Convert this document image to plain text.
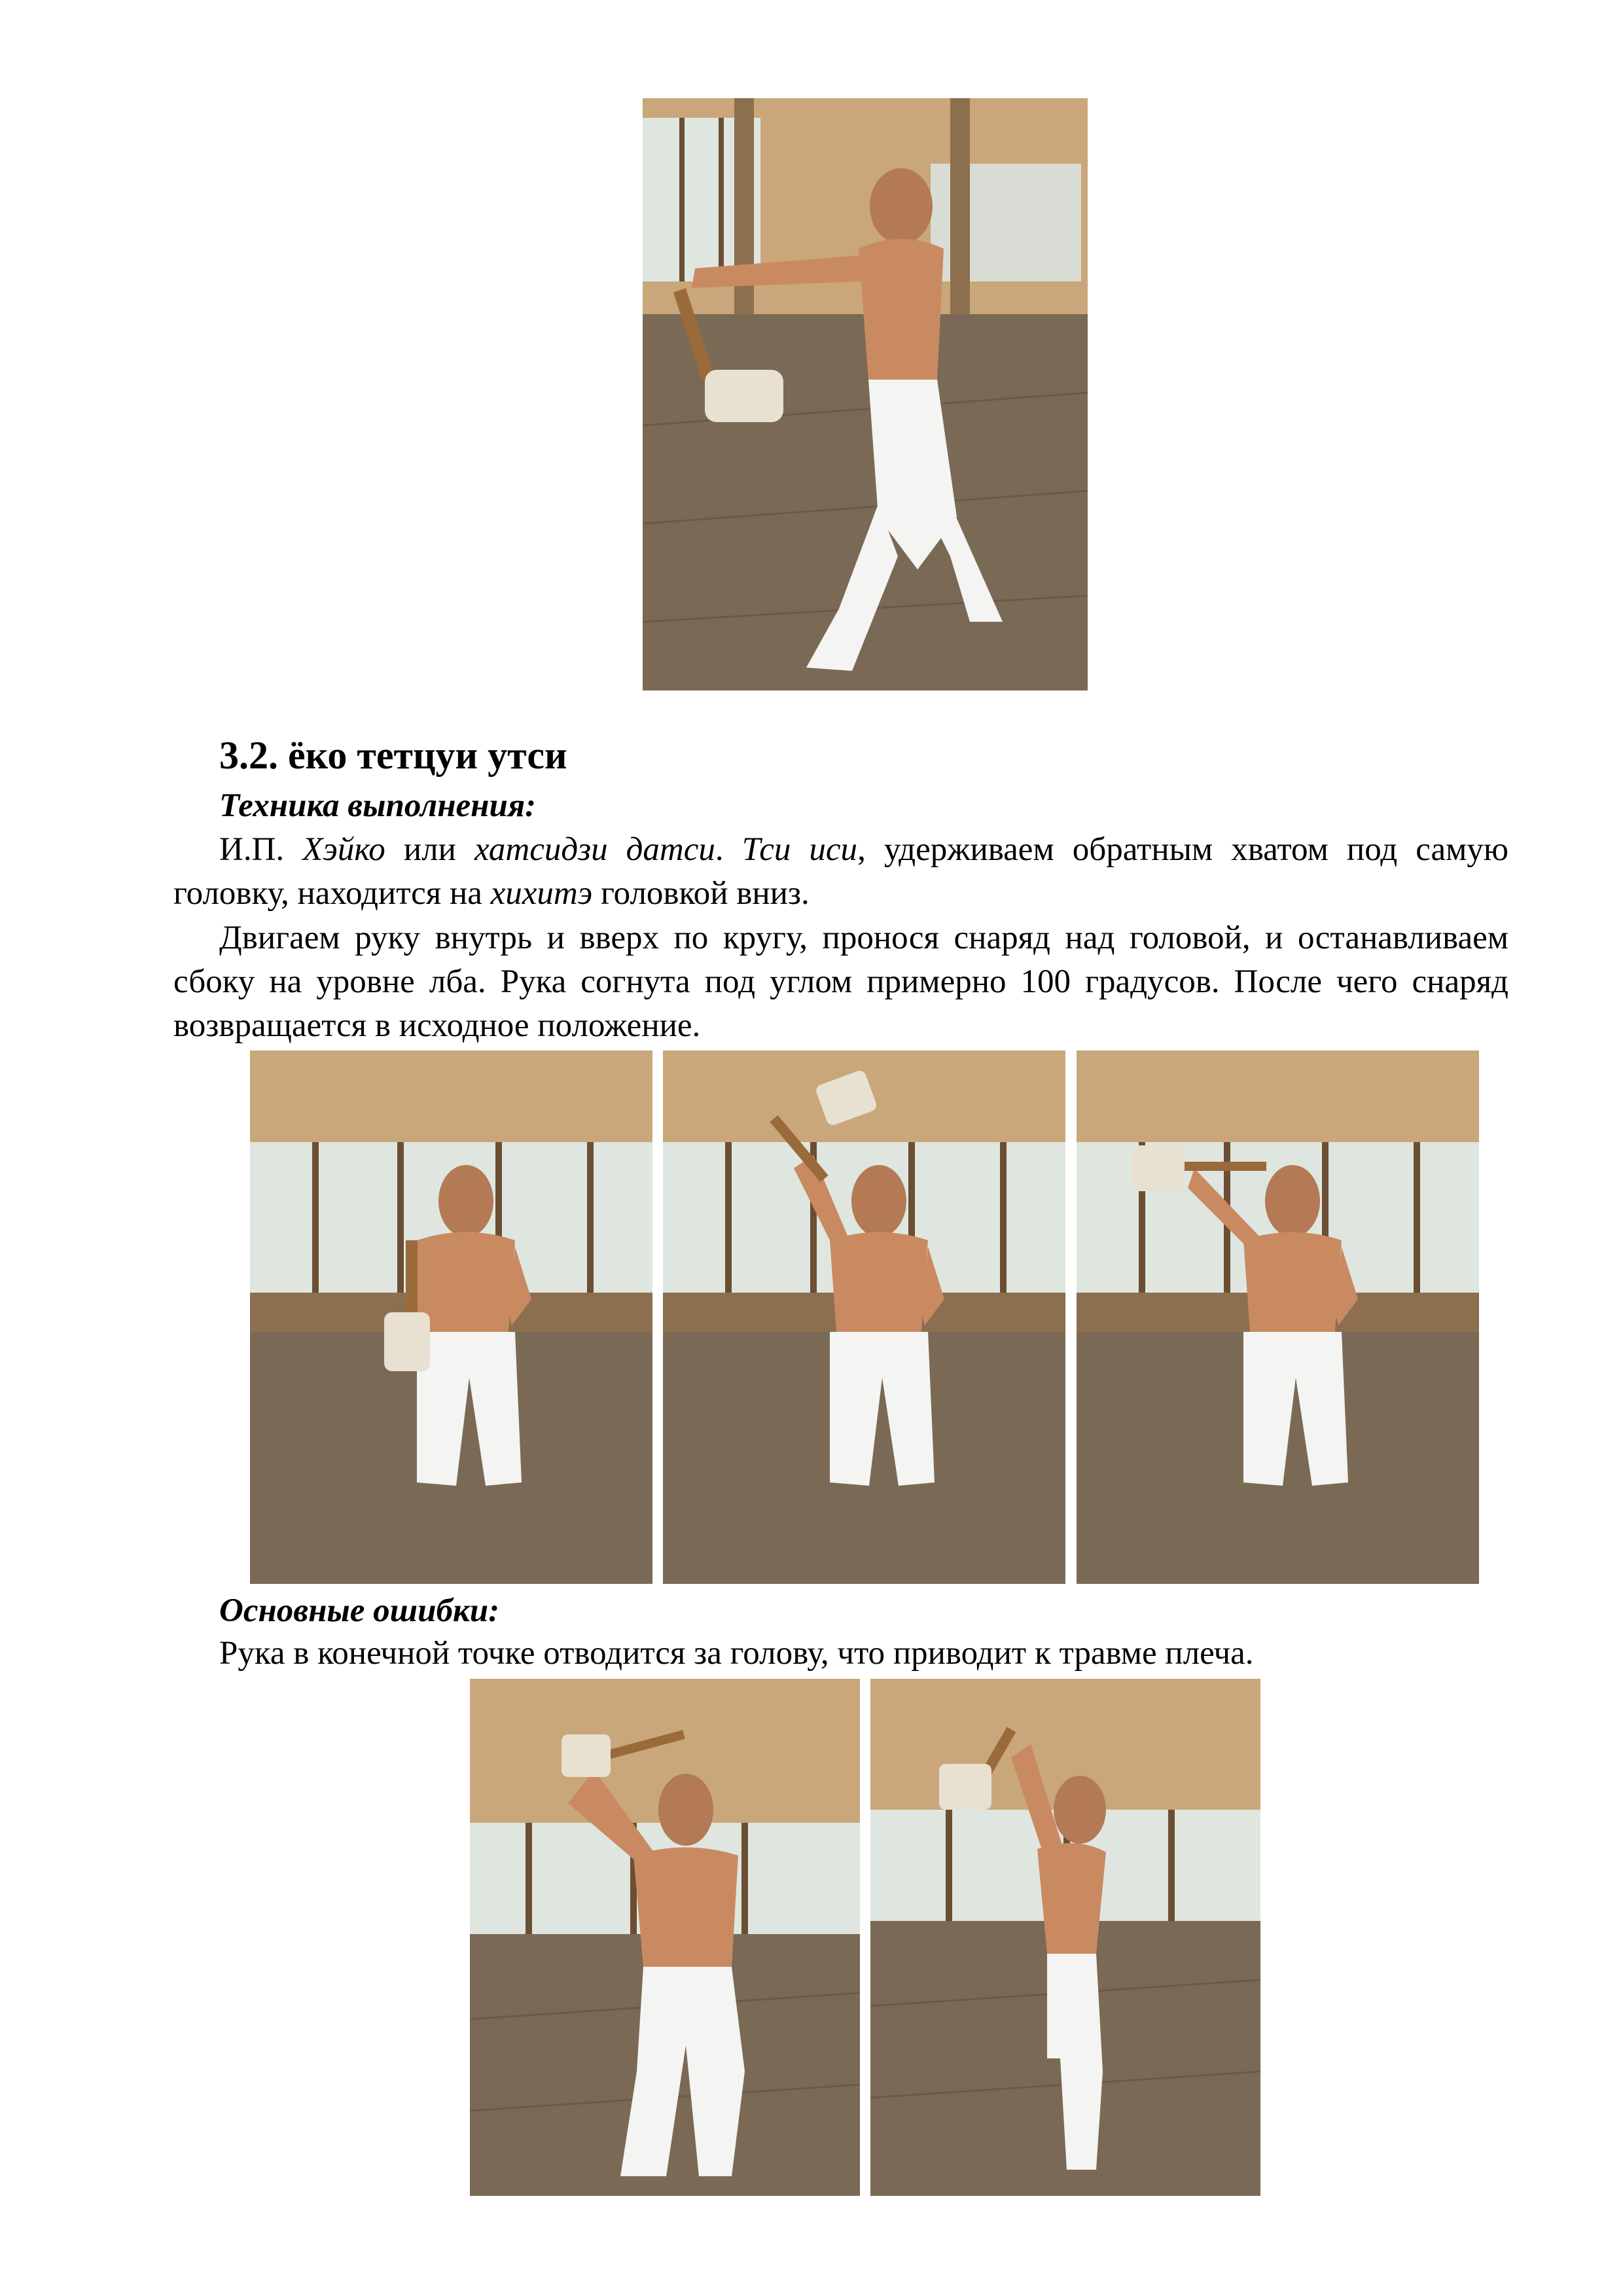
3.2. ёко тетцуи утси
Техника выполнения:
И.П. Хэйко или хатсидзи датси. Тси иси, удерживаем обратным хватом под самую головку, находится на хихитэ головкой вниз.
Двигаем руку внутрь и вверх по кругу, пронося снаряд над головой, и останавливаем сбоку на уровне лба. Рука согнута под углом примерно 100 градусов. После чего снаряд возвращается в исходное положение.
Основные ошибки:
Рука в конечной точке отводится за голову, что приводит к травме плеча.
